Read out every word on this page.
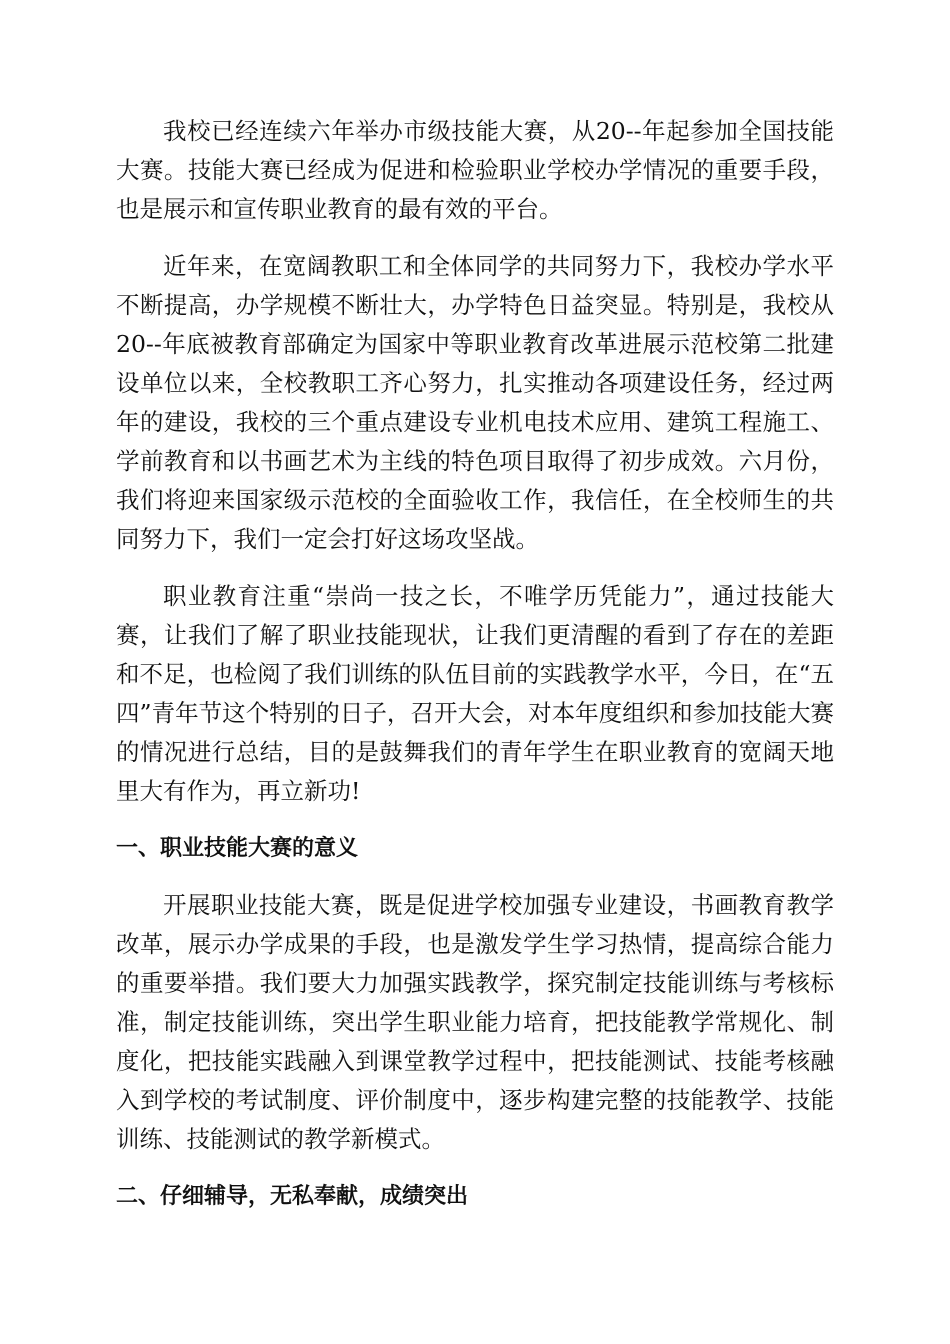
我校已经连续六年举办市级技能大赛，从20--年起参加全国技能大赛。技能大赛已经成为促进和检验职业学校办学情况的重要手段，也是展示和宣传职业教育的最有效的平台。

近年来，在宽阔教职工和全体同学的共同努力下，我校办学水平不断提高，办学规模不断壮大，办学特色日益突显。特别是，我校从20--年底被教育部确定为国家中等职业教育改革进展示范校第二批建设单位以来，全校教职工齐心努力，扎实推动各项建设任务，经过两年的建设，我校的三个重点建设专业机电技术应用、建筑工程施工、学前教育和以书画艺术为主线的特色项目取得了初步成效。六月份，我们将迎来国家级示范校的全面验收工作，我信任，在全校师生的共同努力下，我们一定会打好这场攻坚战。

职业教育注重“崇尚一技之长，不唯学历凭能力”，通过技能大赛，让我们了解了职业技能现状，让我们更清醒的看到了存在的差距和不足，也检阅了我们训练的队伍目前的实践教学水平，今日，在“五四”青年节这个特别的日子，召开大会，对本年度组织和参加技能大赛的情况进行总结，目的是鼓舞我们的青年学生在职业教育的宽阔天地里大有作为，再立新功!

一、职业技能大赛的意义

开展职业技能大赛，既是促进学校加强专业建设，书画教育教学改革，展示办学成果的手段，也是激发学生学习热情，提高综合能力的重要举措。我们要大力加强实践教学，探究制定技能训练与考核标准，制定技能训练，突出学生职业能力培育，把技能教学常规化、制度化，把技能实践融入到课堂教学过程中，把技能测试、技能考核融入到学校的考试制度、评价制度中，逐步构建完整的技能教学、技能训练、技能测试的教学新模式。

二、仔细辅导，无私奉献，成绩突出
